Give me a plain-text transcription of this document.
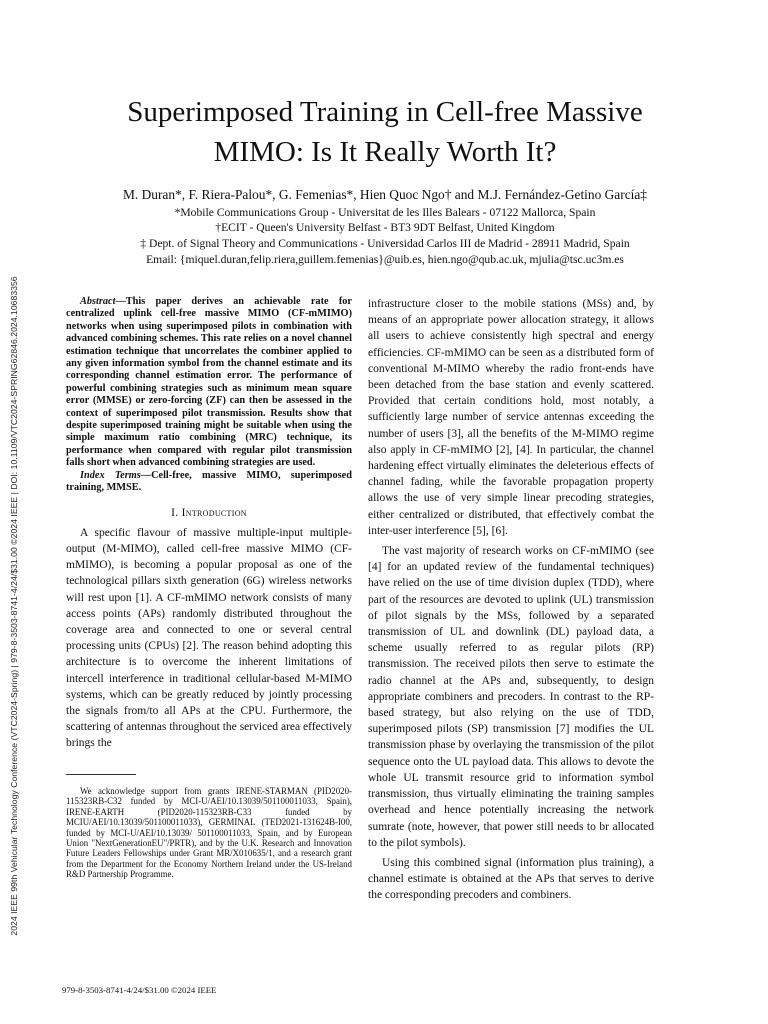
2024 IEEE 99th Vehicular Technology Conference (VTC2024-Spring) | 979-8-3503-8741-4/24/$31.00 ©2024 IEEE | DOI: 10.1109/VTC2024-SPRING62846.2024.10683356
Superimposed Training in Cell-free Massive
MIMO: Is It Really Worth It?
M. Duran*, F. Riera-Palou*, G. Femenias*, Hien Quoc Ngo† and M.J. Fernández-Getino García‡
*Mobile Communications Group - Universitat de les Illes Balears - 07122 Mallorca, Spain
†ECIT - Queen's University Belfast - BT3 9DT Belfast, United Kingdom
‡ Dept. of Signal Theory and Communications - Universidad Carlos III de Madrid - 28911 Madrid, Spain
Email: {miquel.duran,felip.riera,guillem.femenias}@uib.es, hien.ngo@qub.ac.uk, mjulia@tsc.uc3m.es

Abstract—This paper derives an achievable rate for centralized uplink cell-free massive MIMO (CF-mMIMO) networks when using superimposed pilots in combination with advanced combining schemes. This rate relies on a novel channel estimation technique that uncorrelates the combiner applied to any given information symbol from the channel estimate and its corresponding channel estimation error. The performance of powerful combining strategies such as minimum mean square error (MMSE) or zero-forcing (ZF) can then be assessed in the context of superimposed pilot transmission. Results show that despite superimposed training might be suitable when using the simple maximum ratio combining (MRC) technique, its performance when compared with regular pilot transmission falls short when advanced combining strategies are used.

Index Terms—Cell-free, massive MIMO, superimposed training, MMSE.

I. Introduction

A specific flavour of massive multiple-input multiple-output (M-MIMO), called cell-free massive MIMO (CF-mMIMO), is becoming a popular proposal as one of the technological pillars sixth generation (6G) wireless networks will rest upon [1]. A CF-mMIMO network consists of many access points (APs) randomly distributed throughout the coverage area and connected to one or several central processing units (CPUs) [2]. The reason behind adopting this architecture is to overcome the inherent limitations of intercell interference in traditional cellular-based M-MIMO systems, which can be greatly reduced by jointly processing the signals from/to all APs at the CPU. Furthermore, the scattering of antennas throughout the serviced area effectively brings the

We acknowledge support from grants IRENE-STARMAN (PID2020-115323RB-C32 funded by MCI-U/AEI/10.13039/501100011033, Spain), IRENE-EARTH (PID2020-115323RB-C33 funded by MCIU/AEI/10.13039/501100011033), GERMINAL (TED2021-131624B-I00, funded by MCI-U/AEI/10.13039/ 501100011033, Spain, and by European Union "NextGenerationEU"/PRTR), and by the U.K. Research and Innovation Future Leaders Fellowships under Grant MR/X010635/1, and a research grant from the Department for the Economy Northern Ireland under the US-Ireland R&D Partnership Programme.

infrastructure closer to the mobile stations (MSs) and, by means of an appropriate power allocation strategy, it allows all users to achieve consistently high spectral and energy efficiencies. CF-mMIMO can be seen as a distributed form of conventional M-MIMO whereby the radio front-ends have been detached from the base station and evenly scattered. Provided that certain conditions hold, most notably, a sufficiently large number of service antennas exceeding the number of users [3], all the benefits of the M-MIMO regime also apply in CF-mMIMO [2], [4]. In particular, the channel hardening effect virtually eliminates the deleterious effects of channel fading, while the favorable propagation property allows the use of very simple linear precoding strategies, either centralized or distributed, that effectively combat the inter-user interference [5], [6].

The vast majority of research works on CF-mMIMO (see [4] for an updated review of the fundamental techniques) have relied on the use of time division duplex (TDD), where part of the resources are devoted to uplink (UL) transmission of pilot signals by the MSs, followed by a separated transmission of UL and downlink (DL) payload data, a scheme usually referred to as regular pilots (RP) transmission. The received pilots then serve to estimate the radio channel at the APs and, subsequently, to design appropriate combiners and precoders. In contrast to the RP-based strategy, but also relying on the use of TDD, superimposed pilots (SP) transmission [7] modifies the UL transmission phase by overlaying the transmission of the pilot sequence onto the UL payload data. This allows to devote the whole UL transmit resource grid to information symbol transmission, thus virtually eliminating the training samples overhead and hence potentially increasing the network sumrate (note, however, that power still needs to br allocated to the pilot symbols).

Using this combined signal (information plus training), a channel estimate is obtained at the APs that serves to derive the corresponding precoders and combiners.

979-8-3503-8741-4/24/$31.00 ©2024 IEEE
